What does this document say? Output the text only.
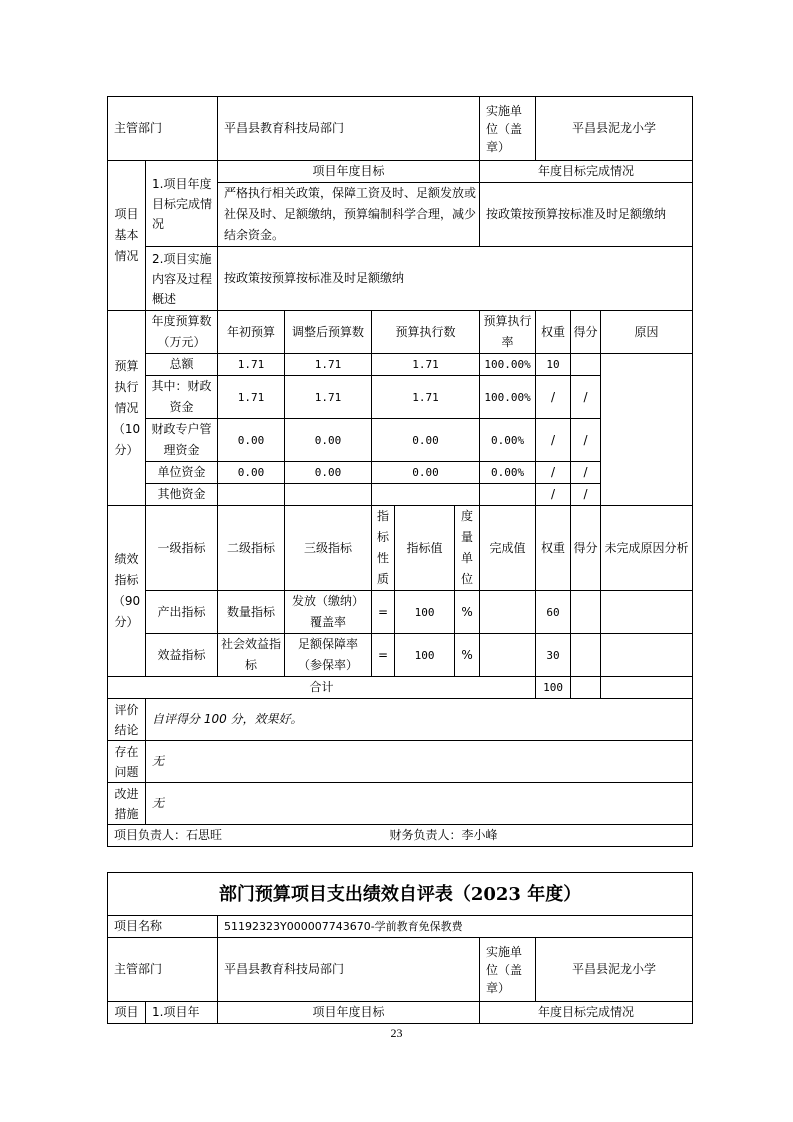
主管部门		平昌县教育科技局部门					实施单位（盖章）	平昌县泥龙小学		
项目基本情况	1.项目年度目标完成情况	项目年度目标					年度目标完成情况			
		严格执行相关政策，保障工资及时、足额发放或社保及时、足额缴纳，预算编制科学合理，减少结余资金。					按政策按预算按标准及时足额缴纳			
	2.项目实施内容及过程概述	按政策按预算按标准及时足额缴纳								
预算执行情况（10分）	年度预算数（万元）	年初预算	调整后预算数	预算执行数			预算执行率	权重	得分	原因
	总额	1.71	1.71	1.71			100.00%	10		
	其中：财政资金	1.71	1.71	1.71			100.00%	/	/	
	财政专户管理资金	0.00	0.00	0.00			0.00%	/	/	
	单位资金	0.00	0.00	0.00			0.00%	/	/	
	其他资金							/	/	
绩效指标（90分）	一级指标	二级指标	三级指标	指标性质	指标值	度量单位	完成值	权重	得分	未完成原因分析
	产出指标	数量指标	发放（缴纳）覆盖率	=	100	%		60		
	效益指标	社会效益指标	足额保障率（参保率）	=	100	%		30		
合计								100		
评价结论	自评得分 100 分，效果好。									
存在问题	无									
改进措施	无									
项目负责人：石思旺				财务负责人：李小峰						
部门预算项目支出绩效自评表（2023 年度）				
项目名称		51192323Y000007743670-学前教育免保教费		
主管部门		平昌县教育科技局部门	实施单位（盖章）	平昌县泥龙小学
项目	1.项目年	项目年度目标	年度目标完成情况	
23
